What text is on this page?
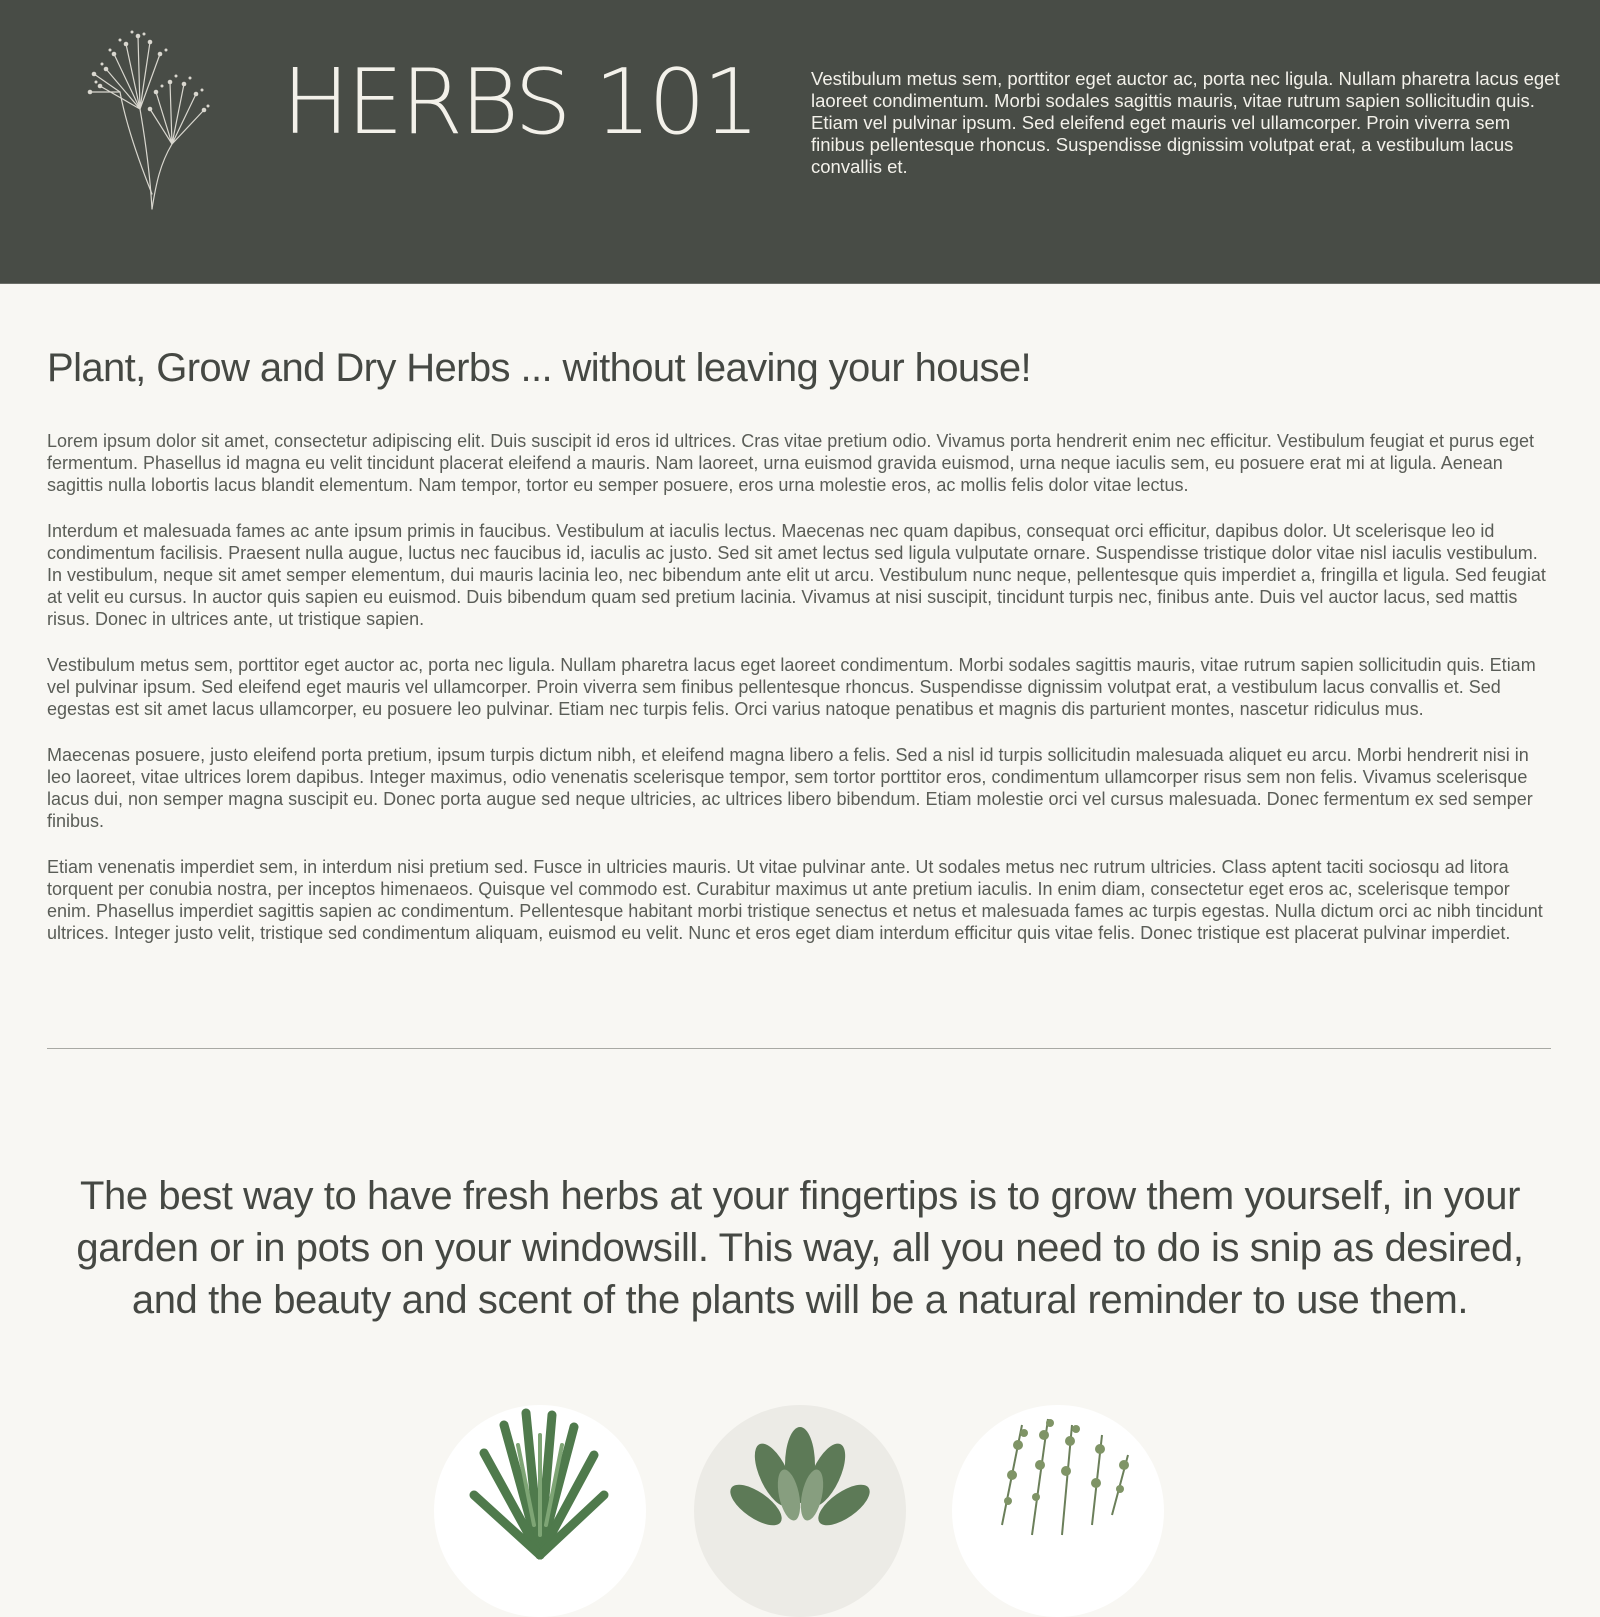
HERBS 101	Vestibulum metus sem, porttitor eget auctor ac, porta nec ligula. Nullam pharetra lacus eget laoreet condimentum. Morbi sodales sagittis mauris, vitae rutrum sapien sollicitudin quis. Etiam vel pulvinar ipsum. Sed eleifend eget mauris vel ullamcorper. Proin viverra sem finibus pellentesque rhoncus. Suspendisse dignissim volutpat erat, a vestibulum lacus convallis et.

Plant, Grow and Dry Herbs ... without leaving your house!

Lorem ipsum dolor sit amet, consectetur adipiscing elit. Duis suscipit id eros id ultrices. Cras vitae pretium odio. Vivamus porta hendrerit enim nec efficitur. Vestibulum feugiat et purus eget fermentum. Phasellus id magna eu velit tincidunt placerat eleifend a mauris. Nam laoreet, urna euismod gravida euismod, urna neque iaculis sem, eu posuere erat mi at ligula. Aenean sagittis nulla lobortis lacus blandit elementum. Nam tempor, tortor eu semper posuere, eros urna molestie eros, ac mollis felis dolor vitae lectus.

Interdum et malesuada fames ac ante ipsum primis in faucibus. Vestibulum at iaculis lectus. Maecenas nec quam dapibus, consequat orci efficitur, dapibus dolor. Ut scelerisque leo id condimentum facilisis. Praesent nulla augue, luctus nec faucibus id, iaculis ac justo. Sed sit amet lectus sed ligula vulputate ornare. Suspendisse tristique dolor vitae nisl iaculis vestibulum. In vestibulum, neque sit amet semper elementum, dui mauris lacinia leo, nec bibendum ante elit ut arcu. Vestibulum nunc neque, pellentesque quis imperdiet a, fringilla et ligula. Sed feugiat at velit eu cursus. In auctor quis sapien eu euismod. Duis bibendum quam sed pretium lacinia. Vivamus at nisi suscipit, tincidunt turpis nec, finibus ante. Duis vel auctor lacus, sed mattis risus. Donec in ultrices ante, ut tristique sapien.

Vestibulum metus sem, porttitor eget auctor ac, porta nec ligula. Nullam pharetra lacus eget laoreet condimentum. Morbi sodales sagittis mauris, vitae rutrum sapien sollicitudin quis. Etiam vel pulvinar ipsum. Sed eleifend eget mauris vel ullamcorper. Proin viverra sem finibus pellentesque rhoncus. Suspendisse dignissim volutpat erat, a vestibulum lacus convallis et. Sed egestas est sit amet lacus ullamcorper, eu posuere leo pulvinar. Etiam nec turpis felis. Orci varius natoque penatibus et magnis dis parturient montes, nascetur ridiculus mus.

Maecenas posuere, justo eleifend porta pretium, ipsum turpis dictum nibh, et eleifend magna libero a felis. Sed a nisl id turpis sollicitudin malesuada aliquet eu arcu. Morbi hendrerit nisi in leo laoreet, vitae ultrices lorem dapibus. Integer maximus, odio venenatis scelerisque tempor, sem tortor porttitor eros, condimentum ullamcorper risus sem non felis. Vivamus scelerisque lacus dui, non semper magna suscipit eu. Donec porta augue sed neque ultricies, ac ultrices libero bibendum. Etiam molestie orci vel cursus malesuada. Donec fermentum ex sed semper finibus.

Etiam venenatis imperdiet sem, in interdum nisi pretium sed. Fusce in ultricies mauris. Ut vitae pulvinar ante. Ut sodales metus nec rutrum ultricies. Class aptent taciti sociosqu ad litora torquent per conubia nostra, per inceptos himenaeos. Quisque vel commodo est. Curabitur maximus ut ante pretium iaculis. In enim diam, consectetur eget eros ac, scelerisque tempor enim. Phasellus imperdiet sagittis sapien ac condimentum. Pellentesque habitant morbi tristique senectus et netus et malesuada fames ac turpis egestas. Nulla dictum orci ac nibh tincidunt ultrices. Integer justo velit, tristique sed condimentum aliquam, euismod eu velit. Nunc et eros eget diam interdum efficitur quis vitae felis. Donec tristique est placerat pulvinar imperdiet.

The best way to have fresh herbs at your fingertips is to grow them yourself, in your garden or in pots on your windowsill. This way, all you need to do is snip as desired, and the beauty and scent of the plants will be a natural reminder to use them.
